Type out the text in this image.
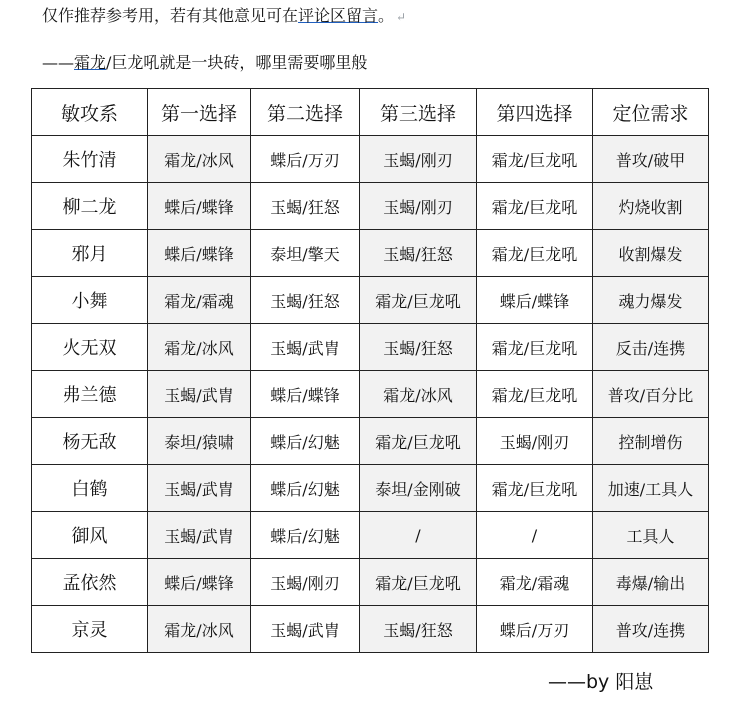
仅作推荐参考用，若有其他意见可在评论区留言。 ↵
——霜龙/巨龙吼就是一块砖，哪里需要哪里般
敏攻系	第一选择	第二选择	第三选择	第四选择	定位需求
朱竹清	霜龙/冰风	蝶后/万刃	玉蝎/刚刃	霜龙/巨龙吼	普攻/破甲
柳二龙	蝶后/蝶锋	玉蝎/狂怒	玉蝎/刚刃	霜龙/巨龙吼	灼烧收割
邪月	蝶后/蝶锋	泰坦/擎天	玉蝎/狂怒	霜龙/巨龙吼	收割爆发
小舞	霜龙/霜魂	玉蝎/狂怒	霜龙/巨龙吼	蝶后/蝶锋	魂力爆发
火无双	霜龙/冰风	玉蝎/武胄	玉蝎/狂怒	霜龙/巨龙吼	反击/连携
弗兰德	玉蝎/武胄	蝶后/蝶锋	霜龙/冰风	霜龙/巨龙吼	普攻/百分比
杨无敌	泰坦/猿啸	蝶后/幻魅	霜龙/巨龙吼	玉蝎/刚刃	控制增伤
白鹤	玉蝎/武胄	蝶后/幻魅	泰坦/金刚破	霜龙/巨龙吼	加速/工具人
御风	玉蝎/武胄	蝶后/幻魅	/	/	工具人
孟依然	蝶后/蝶锋	玉蝎/刚刃	霜龙/巨龙吼	霜龙/霜魂	毒爆/输出
京灵	霜龙/冰风	玉蝎/武胄	玉蝎/狂怒	蝶后/万刃	普攻/连携
——by 阳崽
